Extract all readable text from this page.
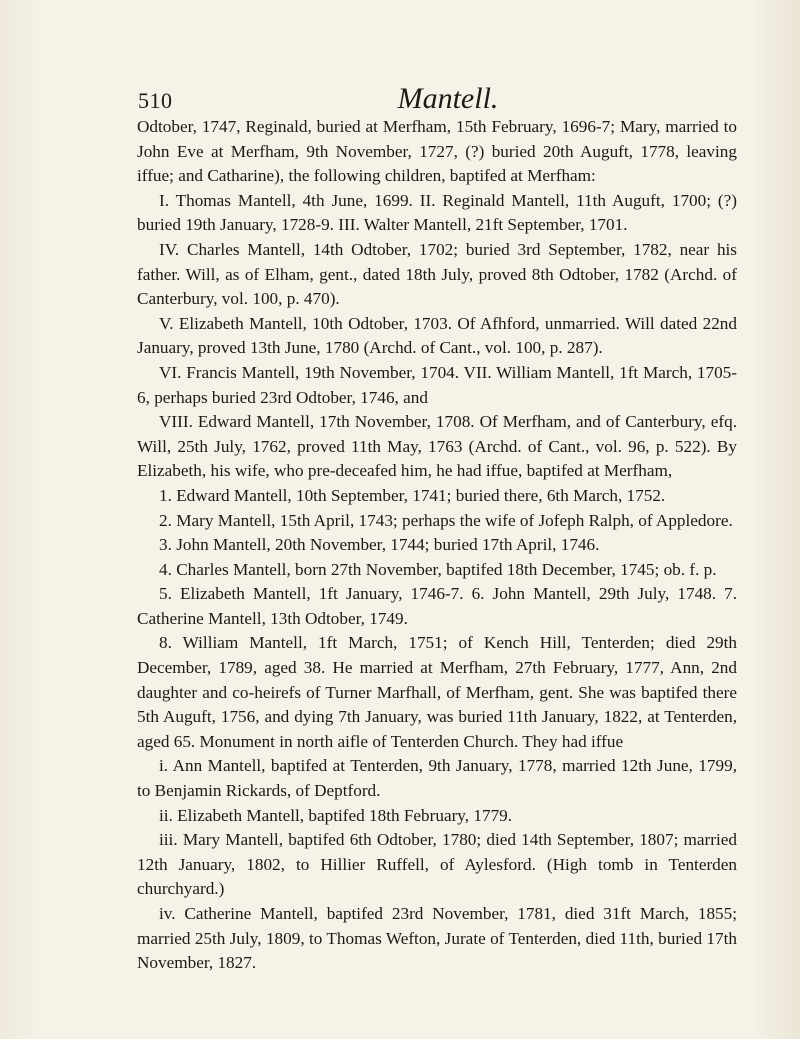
510	Mantell.

Odtober, 1747, Reginald, buried at Merfham, 15th February, 1696-7; Mary, married to John Eve at Merfham, 9th November, 1727, (?) buried 20th Auguft, 1778, leaving iffue; and Catharine), the following children, baptifed at Merfham:

I. Thomas Mantell, 4th June, 1699. II. Reginald Mantell, 11th Auguft, 1700; (?) buried 19th January, 1728-9. III. Walter Mantell, 21ft September, 1701.

IV. Charles Mantell, 14th Odtober, 1702; buried 3rd September, 1782, near his father. Will, as of Elham, gent., dated 18th July, proved 8th Odtober, 1782 (Archd. of Canterbury, vol. 100, p. 470).

V. Elizabeth Mantell, 10th Odtober, 1703. Of Afhford, unmarried. Will dated 22nd January, proved 13th June, 1780 (Archd. of Cant., vol. 100, p. 287).

VI. Francis Mantell, 19th November, 1704. VII. William Mantell, 1ft March, 1705-6, perhaps buried 23rd Odtober, 1746, and

VIII. Edward Mantell, 17th November, 1708. Of Merfham, and of Canterbury, efq. Will, 25th July, 1762, proved 11th May, 1763 (Archd. of Cant., vol. 96, p. 522). By Elizabeth, his wife, who pre-deceafed him, he had iffue, baptifed at Merfham,

1. Edward Mantell, 10th September, 1741; buried there, 6th March, 1752.

2. Mary Mantell, 15th April, 1743; perhaps the wife of Jofeph Ralph, of Appledore.

3. John Mantell, 20th November, 1744; buried 17th April, 1746.

4. Charles Mantell, born 27th November, baptifed 18th December, 1745; ob. f. p.

5. Elizabeth Mantell, 1ft January, 1746-7. 6. John Mantell, 29th July, 1748. 7. Catherine Mantell, 13th Odtober, 1749.

8. William Mantell, 1ft March, 1751; of Kench Hill, Tenterden; died 29th December, 1789, aged 38. He married at Merfham, 27th February, 1777, Ann, 2nd daughter and co-heirefs of Turner Marfhall, of Merfham, gent. She was baptifed there 5th Auguft, 1756, and dying 7th January, was buried 11th January, 1822, at Tenterden, aged 65. Monument in north aifle of Tenterden Church. They had iffue

i. Ann Mantell, baptifed at Tenterden, 9th January, 1778, married 12th June, 1799, to Benjamin Rickards, of Deptford.

ii. Elizabeth Mantell, baptifed 18th February, 1779.

iii. Mary Mantell, baptifed 6th Odtober, 1780; died 14th September, 1807; married 12th January, 1802, to Hillier Ruffell, of Aylesford. (High tomb in Tenterden churchyard.)

iv. Catherine Mantell, baptifed 23rd November, 1781, died 31ft March, 1855; married 25th July, 1809, to Thomas Wefton, Jurate of Tenterden, died 11th, buried 17th November, 1827.
